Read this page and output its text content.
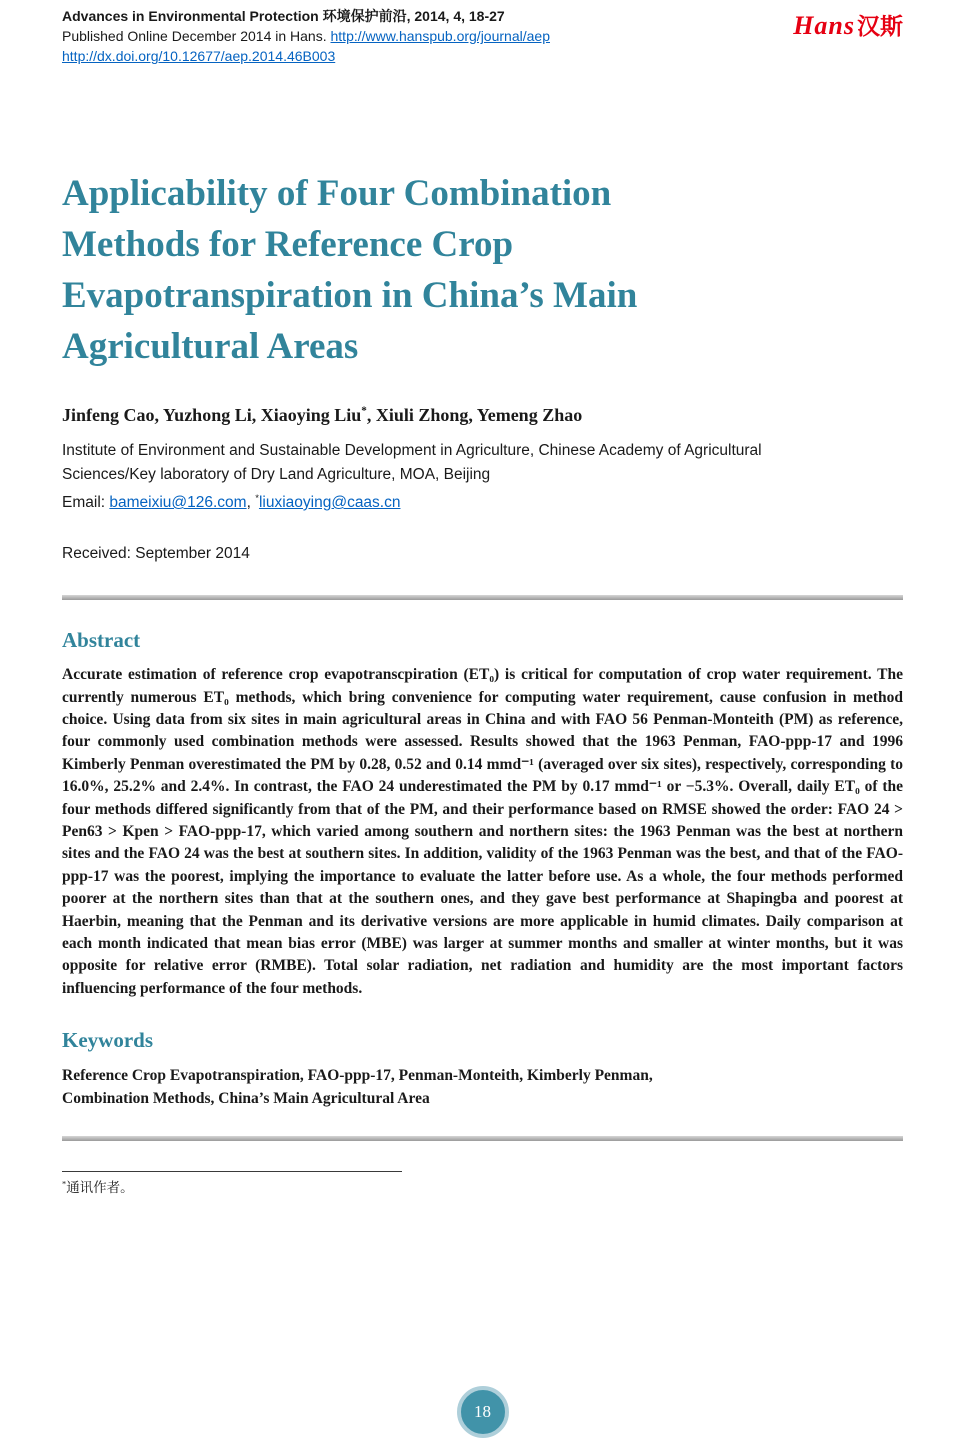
Advances in Environmental Protection 环境保护前沿, 2014, 4, 18-27
Published Online December 2014 in Hans. http://www.hanspub.org/journal/aep
http://dx.doi.org/10.12677/aep.2014.46B003
Hans汉斯
Applicability of Four Combination
Methods for Reference Crop
Evapotranspiration in China’s Main
Agricultural Areas
Jinfeng Cao, Yuzhong Li, Xiaoying Liu*, Xiuli Zhong, Yemeng Zhao
Institute of Environment and Sustainable Development in Agriculture, Chinese Academy of Agricultural
Sciences/Key laboratory of Dry Land Agriculture, MOA, Beijing
Email: bameixiu@126.com, *liuxiaoying@caas.cn
Received: September 2014
Abstract
Accurate estimation of reference crop evapotranscpiration (ET₀) is critical for computation of crop water requirement. The currently numerous ET₀ methods, which bring convenience for computing water requirement, cause confusion in method choice. Using data from six sites in main agricultural areas in China and with FAO 56 Penman-Monteith (PM) as reference, four commonly used combination methods were assessed. Results showed that the 1963 Penman, FAO-ppp-17 and 1996 Kimberly Penman overestimated the PM by 0.28, 0.52 and 0.14 mmd⁻¹ (averaged over six sites), respectively, corresponding to 16.0%, 25.2% and 2.4%. In contrast, the FAO 24 underestimated the PM by 0.17 mmd⁻¹ or −5.3%. Overall, daily ET₀ of the four methods differed significantly from that of the PM, and their performance based on RMSE showed the order: FAO 24 > Pen63 > Kpen > FAO-ppp-17, which varied among southern and northern sites: the 1963 Penman was the best at northern sites and the FAO 24 was the best at southern sites. In addition, validity of the 1963 Penman was the best, and that of the FAO-ppp-17 was the poorest, implying the importance to evaluate the latter before use. As a whole, the four methods performed poorer at the northern sites than that at the southern ones, and they gave best performance at Shapingba and poorest at Haerbin, meaning that the Penman and its derivative versions are more applicable in humid climates. Daily comparison at each month indicated that mean bias error (MBE) was larger at summer months and smaller at winter months, but it was opposite for relative error (RMBE). Total solar radiation, net radiation and humidity are the most important factors influencing performance of the four methods.
Keywords
Reference Crop Evapotranspiration, FAO-ppp-17, Penman-Monteith, Kimberly Penman,
Combination Methods, China’s Main Agricultural Area
*通讯作者。
18
